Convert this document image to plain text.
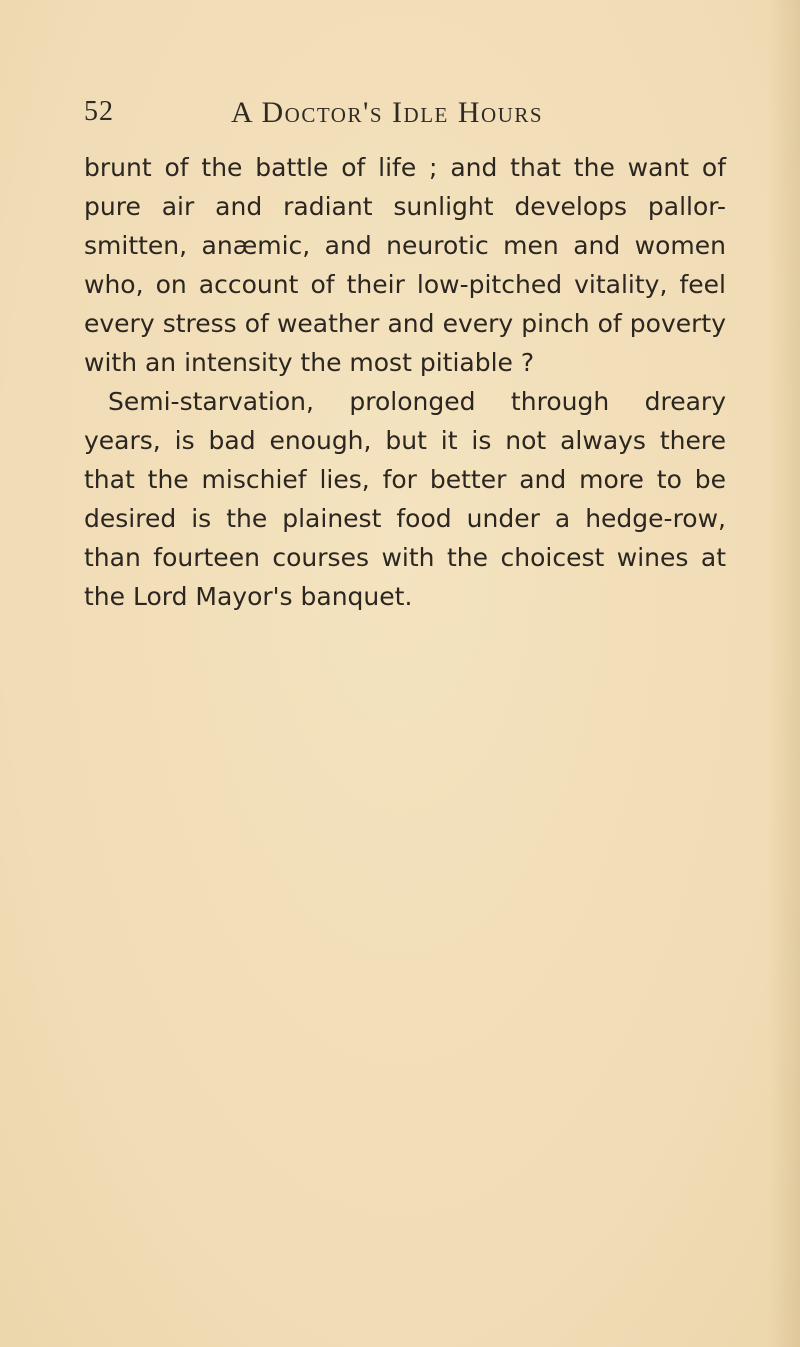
52	A Doctor's Idle Hours
brunt of the battle of life ; and that the want of
pure air and radiant sunlight develops pallor-
smitten, anæmic, and neurotic men and women
who, on account of their low-pitched vitality, feel
every stress of weather and every pinch of poverty
with an intensity the most pitiable ?
Semi-starvation, prolonged through dreary
years, is bad enough, but it is not always there
that the mischief lies, for better and more to be
desired is the plainest food under a hedge-row,
than fourteen courses with the choicest wines at
the Lord Mayor's banquet.
